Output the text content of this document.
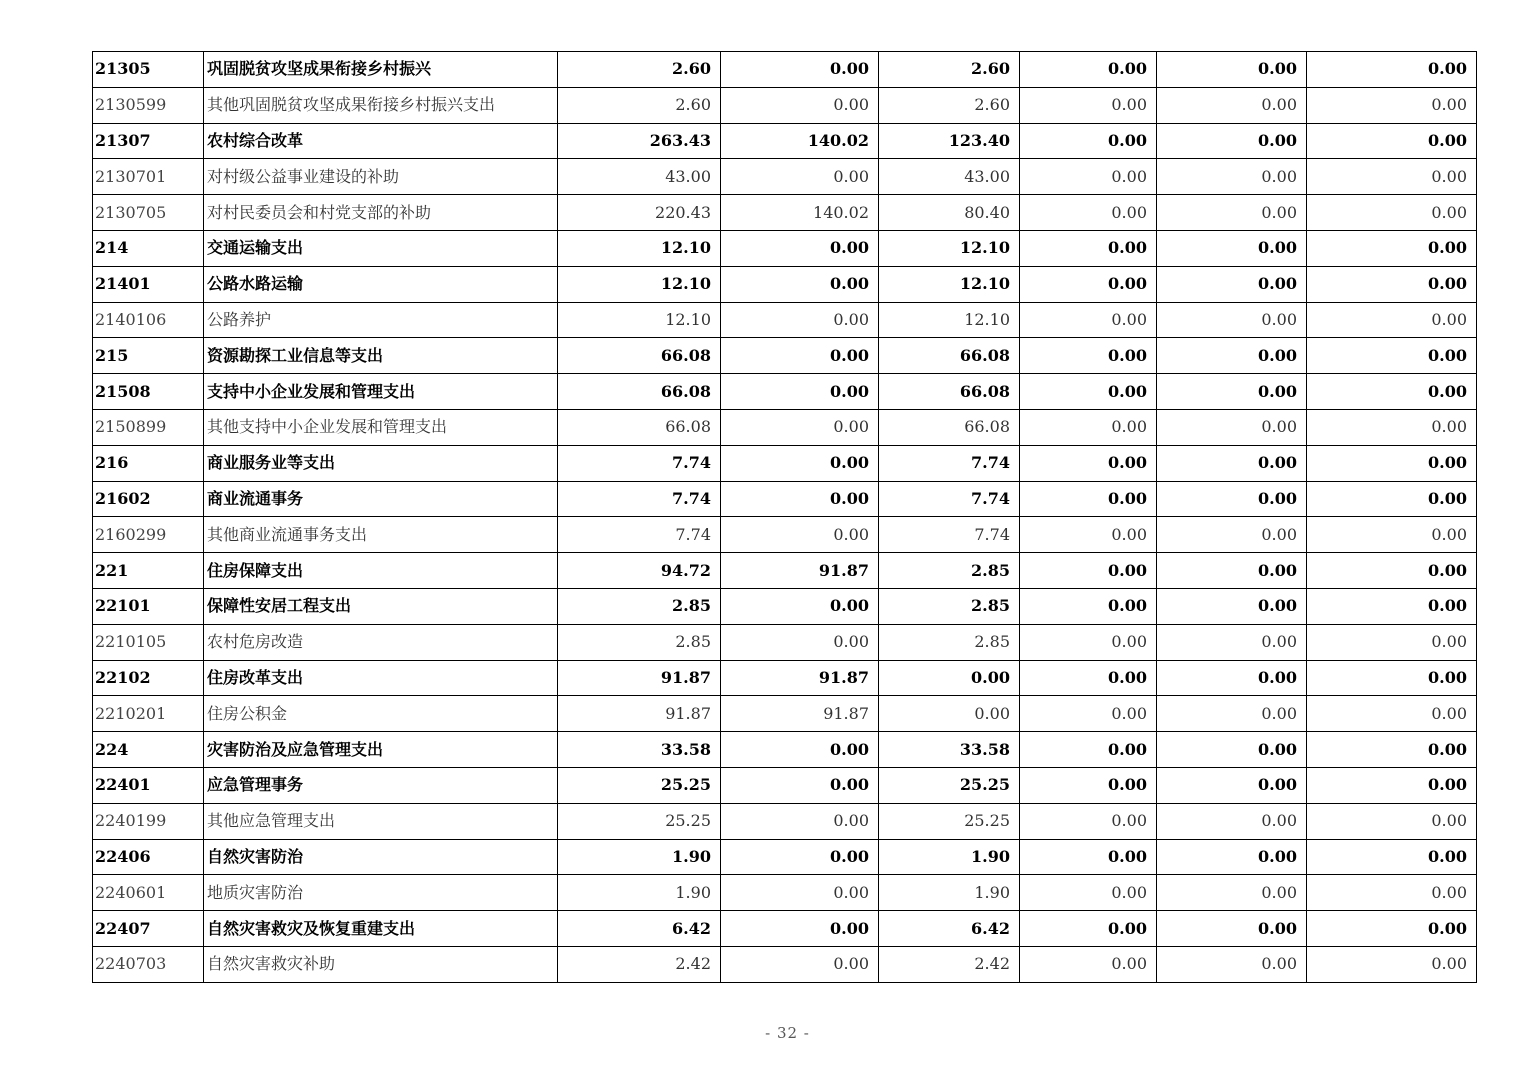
21305	巩固脱贫攻坚成果衔接乡村振兴	2.60	0.00	2.60	0.00	0.00	0.00
2130599	其他巩固脱贫攻坚成果衔接乡村振兴支出	2.60	0.00	2.60	0.00	0.00	0.00
21307	农村综合改革	263.43	140.02	123.40	0.00	0.00	0.00
2130701	对村级公益事业建设的补助	43.00	0.00	43.00	0.00	0.00	0.00
2130705	对村民委员会和村党支部的补助	220.43	140.02	80.40	0.00	0.00	0.00
214	交通运输支出	12.10	0.00	12.10	0.00	0.00	0.00
21401	公路水路运输	12.10	0.00	12.10	0.00	0.00	0.00
2140106	公路养护	12.10	0.00	12.10	0.00	0.00	0.00
215	资源勘探工业信息等支出	66.08	0.00	66.08	0.00	0.00	0.00
21508	支持中小企业发展和管理支出	66.08	0.00	66.08	0.00	0.00	0.00
2150899	其他支持中小企业发展和管理支出	66.08	0.00	66.08	0.00	0.00	0.00
216	商业服务业等支出	7.74	0.00	7.74	0.00	0.00	0.00
21602	商业流通事务	7.74	0.00	7.74	0.00	0.00	0.00
2160299	其他商业流通事务支出	7.74	0.00	7.74	0.00	0.00	0.00
221	住房保障支出	94.72	91.87	2.85	0.00	0.00	0.00
22101	保障性安居工程支出	2.85	0.00	2.85	0.00	0.00	0.00
2210105	农村危房改造	2.85	0.00	2.85	0.00	0.00	0.00
22102	住房改革支出	91.87	91.87	0.00	0.00	0.00	0.00
2210201	住房公积金	91.87	91.87	0.00	0.00	0.00	0.00
224	灾害防治及应急管理支出	33.58	0.00	33.58	0.00	0.00	0.00
22401	应急管理事务	25.25	0.00	25.25	0.00	0.00	0.00
2240199	其他应急管理支出	25.25	0.00	25.25	0.00	0.00	0.00
22406	自然灾害防治	1.90	0.00	1.90	0.00	0.00	0.00
2240601	地质灾害防治	1.90	0.00	1.90	0.00	0.00	0.00
22407	自然灾害救灾及恢复重建支出	6.42	0.00	6.42	0.00	0.00	0.00
2240703	自然灾害救灾补助	2.42	0.00	2.42	0.00	0.00	0.00
- 32 -
